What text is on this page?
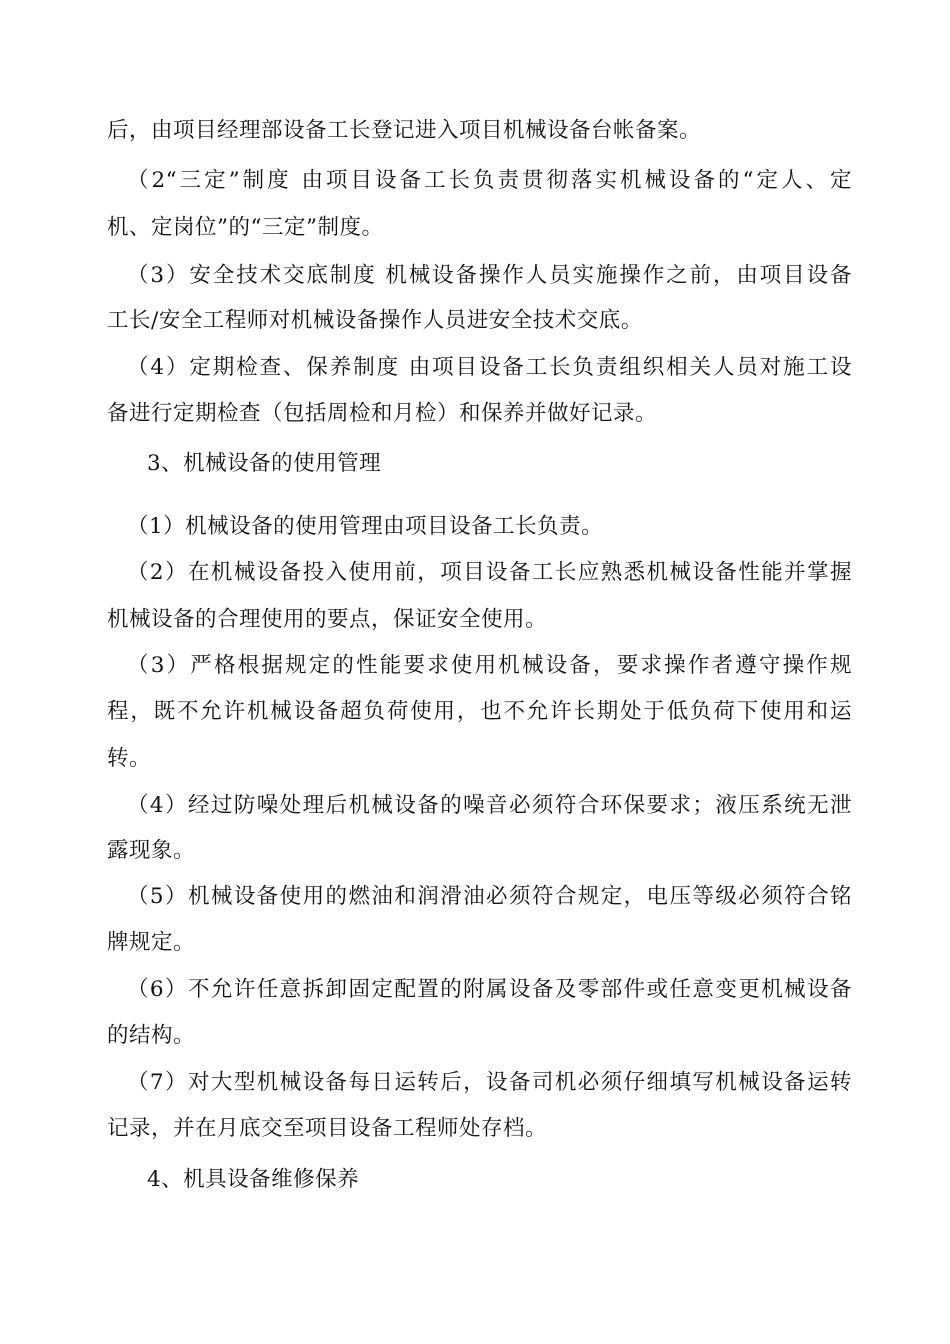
后，由项目经理部设备工长登记进入项目机械设备台帐备案。
（2“三定”制度 由项目设备工长负责贯彻落实机械设备的“定人、定
机、定岗位”的“三定”制度。
（3）安全技术交底制度 机械设备操作人员实施操作之前，由项目设备
工长/安全工程师对机械设备操作人员进安全技术交底。
（4）定期检查、保养制度 由项目设备工长负责组织相关人员对施工设
备进行定期检查（包括周检和月检）和保养并做好记录。
3、机械设备的使用管理
（1）机械设备的使用管理由项目设备工长负责。
（2）在机械设备投入使用前，项目设备工长应熟悉机械设备性能并掌握
机械设备的合理使用的要点，保证安全使用。
（3）严格根据规定的性能要求使用机械设备，要求操作者遵守操作规
程，既不允许机械设备超负荷使用，也不允许长期处于低负荷下使用和运
转。
（4）经过防噪处理后机械设备的噪音必须符合环保要求；液压系统无泄
露现象。
（5）机械设备使用的燃油和润滑油必须符合规定，电压等级必须符合铭
牌规定。
（6）不允许任意拆卸固定配置的附属设备及零部件或任意变更机械设备
的结构。
（7）对大型机械设备每日运转后，设备司机必须仔细填写机械设备运转
记录，并在月底交至项目设备工程师处存档。
4、机具设备维修保养
